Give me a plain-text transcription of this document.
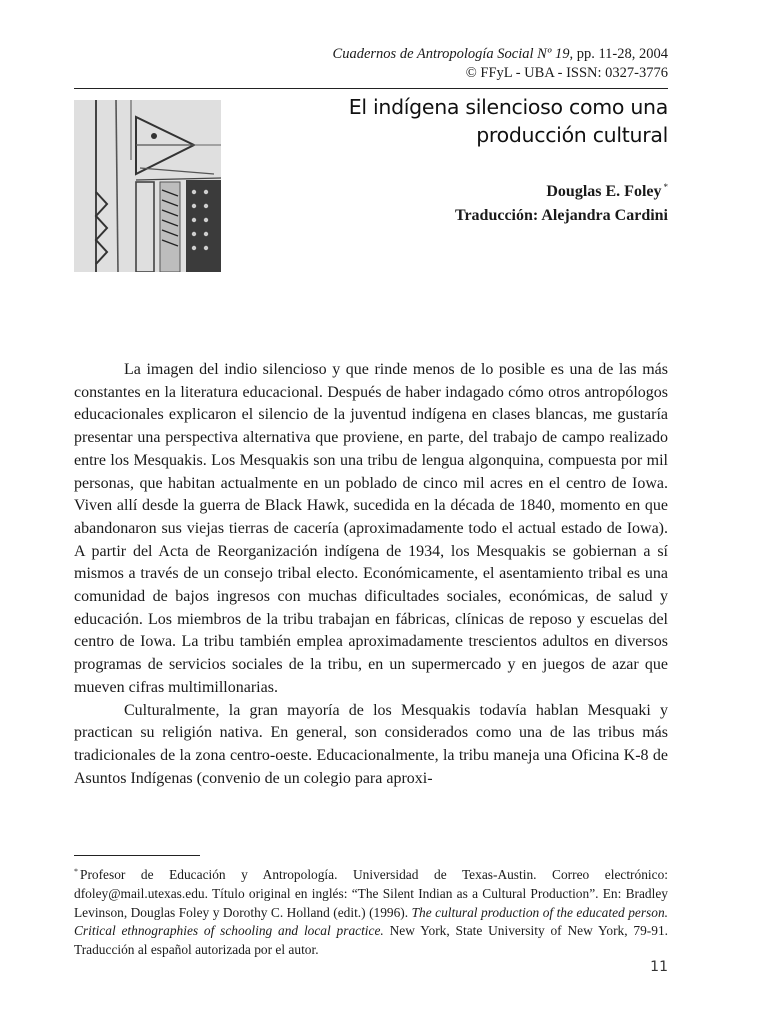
Cuadernos de Antropología Social Nº 19, pp. 11-28, 2004
© FFyL - UBA - ISSN: 0327-3776
El indígena silencioso como una
producción cultural
Douglas E. Foley *
Traducción: Alejandra Cardini

La imagen del indio silencioso y que rinde menos de lo posible es una de las más constantes en la literatura educacional. Después de haber indagado cómo otros antropólogos educacionales explicaron el silencio de la juventud indígena en clases blancas, me gustaría presentar una perspectiva alternativa que proviene, en parte, del trabajo de campo realizado entre los Mesquakis. Los Mesquakis son una tribu de lengua algonquina, compuesta por mil personas, que habitan actualmente en un poblado de cinco mil acres en el centro de Iowa. Viven allí desde la guerra de Black Hawk, sucedida en la década de 1840, momento en que abandonaron sus viejas tierras de cacería (aproximadamente todo el actual estado de Iowa). A partir del Acta de Reorganización indígena de 1934, los Mesquakis se gobiernan a sí mismos a través de un consejo tribal electo. Económicamente, el asentamiento tribal es una comunidad de bajos ingresos con muchas dificultades sociales, económicas, de salud y educación. Los miembros de la tribu trabajan en fábricas, clínicas de reposo y escuelas del centro de Iowa. La tribu también emplea aproximadamente trescientos adultos en diversos programas de servicios sociales de la tribu, en un supermercado y en juegos de azar que mueven cifras multimillonarias.

Culturalmente, la gran mayoría de los Mesquakis todavía hablan Mesquaki y practican su religión nativa. En general, son considerados como una de las tribus más tradicionales de la zona centro-oeste. Educacionalmente, la tribu maneja una Oficina K-8 de Asuntos Indígenas (convenio de un colegio para aproxi-

* Profesor de Educación y Antropología. Universidad de Texas-Austin. Correo electrónico: dfoley@mail.utexas.edu. Título original en inglés: “The Silent Indian as a Cultural Production”. En: Bradley Levinson, Douglas Foley y Dorothy C. Holland (edit.) (1996). The cultural production of the educated person. Critical ethnographies of schooling and local practice. New York, State University of New York, 79-91. Traducción al español autorizada por el autor.
11
